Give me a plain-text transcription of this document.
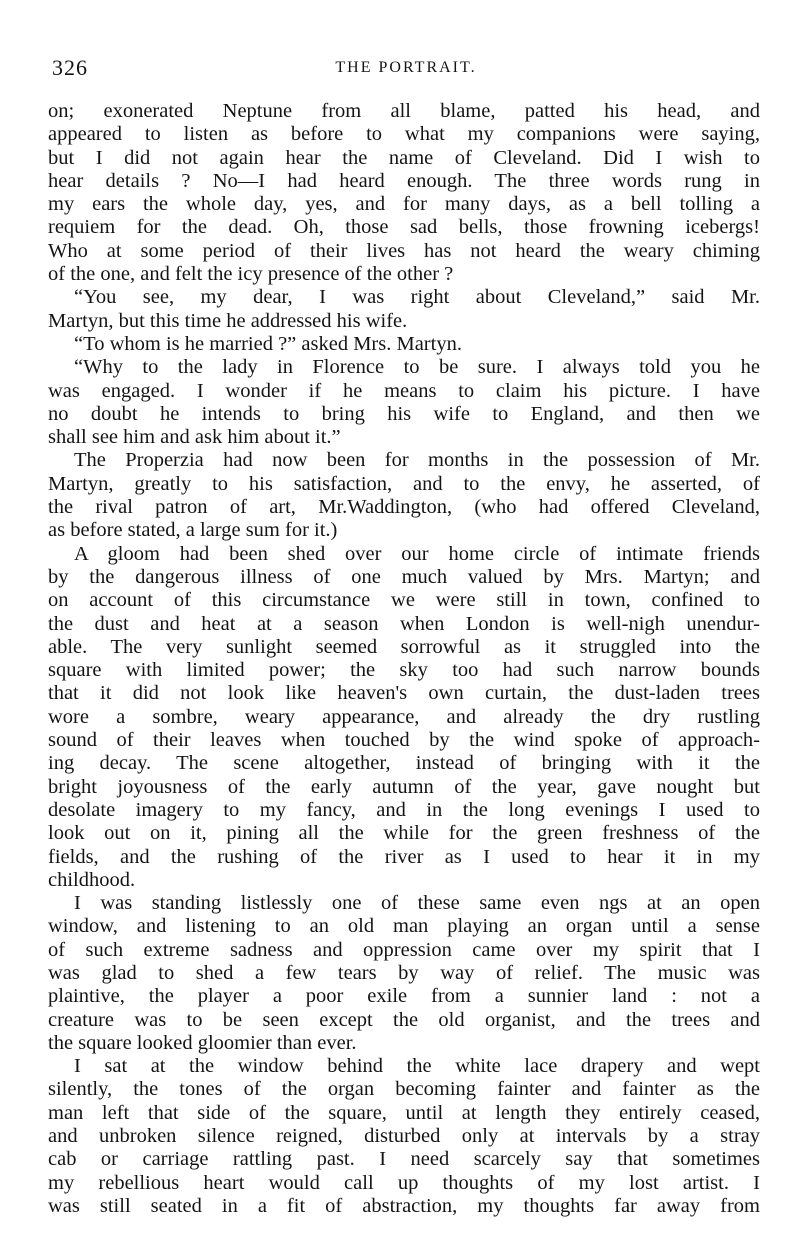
326	THE PORTRAIT.
on; exonerated Neptune from all blame, patted his head, and
appeared to listen as before to what my companions were saying,
but I did not again hear the name of Cleveland. Did I wish to
hear details ? No—I had heard enough. The three words rung in
my ears the whole day, yes, and for many days, as a bell tolling a
requiem for the dead. Oh, those sad bells, those frowning icebergs!
Who at some period of their lives has not heard the weary chiming
of the one, and felt the icy presence of the other ?
“You see, my dear, I was right about Cleveland,” said Mr.
Martyn, but this time he addressed his wife.
“To whom is he married ?” asked Mrs. Martyn.
“Why to the lady in Florence to be sure. I always told you he
was engaged. I wonder if he means to claim his picture. I have
no doubt he intends to bring his wife to England, and then we
shall see him and ask him about it.”
The Properzia had now been for months in the possession of Mr.
Martyn, greatly to his satisfaction, and to the envy, he asserted, of
the rival patron of art, Mr.Waddington, (who had offered Cleveland,
as before stated, a large sum for it.)
A gloom had been shed over our home circle of intimate friends
by the dangerous illness of one much valued by Mrs. Martyn; and
on account of this circumstance we were still in town, confined to
the dust and heat at a season when London is well-nigh unendur-
able. The very sunlight seemed sorrowful as it struggled into the
square with limited power; the sky too had such narrow bounds
that it did not look like heaven's own curtain, the dust-laden trees
wore a sombre, weary appearance, and already the dry rustling
sound of their leaves when touched by the wind spoke of approach-
ing decay. The scene altogether, instead of bringing with it the
bright joyousness of the early autumn of the year, gave nought but
desolate imagery to my fancy, and in the long evenings I used to
look out on it, pining all the while for the green freshness of the
fields, and the rushing of the river as I used to hear it in my
childhood.
I was standing listlessly one of these same even ngs at an open
window, and listening to an old man playing an organ until a sense
of such extreme sadness and oppression came over my spirit that I
was glad to shed a few tears by way of relief. The music was
plaintive, the player a poor exile from a sunnier land : not a
creature was to be seen except the old organist, and the trees and
the square looked gloomier than ever.
I sat at the window behind the white lace drapery and wept
silently, the tones of the organ becoming fainter and fainter as the
man left that side of the square, until at length they entirely ceased,
and unbroken silence reigned, disturbed only at intervals by a stray
cab or carriage rattling past. I need scarcely say that sometimes
my rebellious heart would call up thoughts of my lost artist. I
was still seated in a fit of abstraction, my thoughts far away from
